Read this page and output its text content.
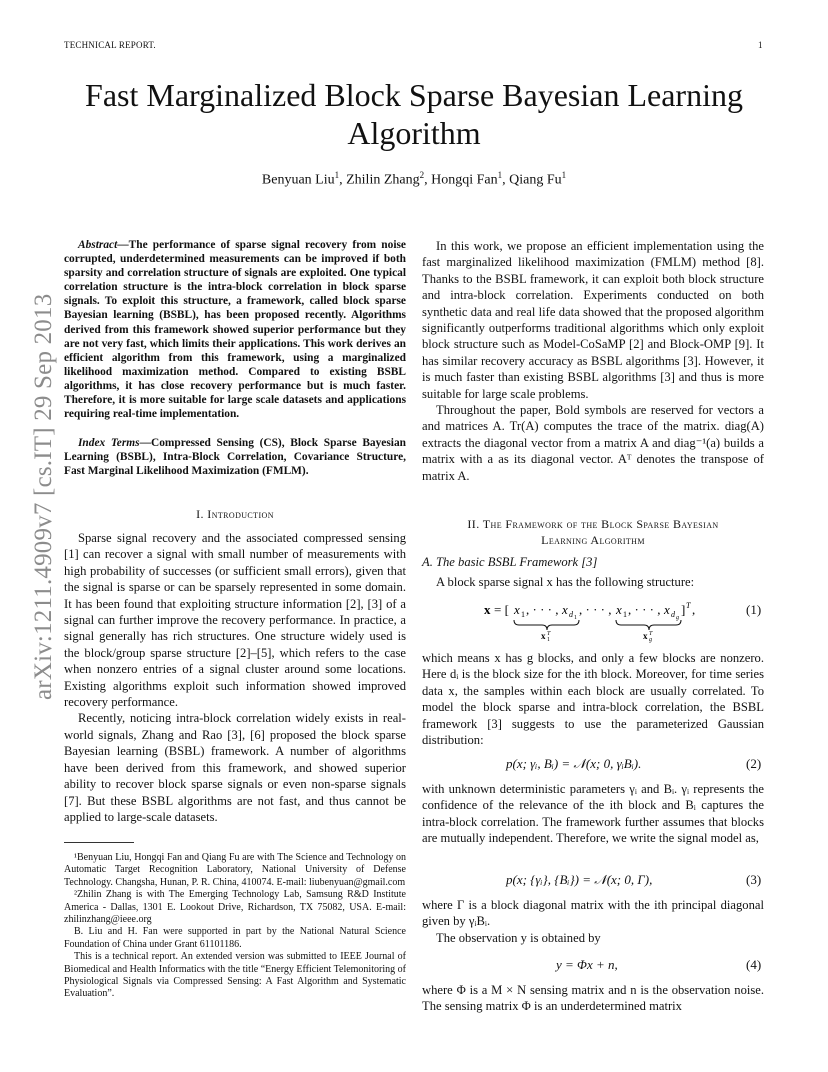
TECHNICAL REPORT.	1
arXiv:1211.4909v7 [cs.IT] 29 Sep 2013
Fast Marginalized Block Sparse Bayesian Learning
Algorithm
Benyuan Liu$^1$, Zhilin Zhang$^2$, Hongqi Fan$^1$, Qiang Fu$^1$
Abstract—The performance of sparse signal recovery from noise corrupted, underdetermined measurements can be improved if both sparsity and correlation structure of signals are exploited. One typical correlation structure is the intra-block correlation in block sparse signals. To exploit this structure, a framework, called block sparse Bayesian learning (BSBL), has been proposed recently. Algorithms derived from this framework showed superior performance but they are not very fast, which limits their applications. This work derives an efficient algorithm from this framework, using a marginalized likelihood maximization method. Compared to existing BSBL algorithms, it has close recovery performance but is much faster. Therefore, it is more suitable for large scale datasets and applications requiring real-time implementation.
Index Terms—Compressed Sensing (CS), Block Sparse Bayesian Learning (BSBL), Intra-Block Correlation, Covariance Structure, Fast Marginal Likelihood Maximization (FMLM).
I. Introduction

Sparse signal recovery and the associated compressed sensing [1] can recover a signal with small number of measurements with high probability of successes (or sufficient small errors), given that the signal is sparse or can be sparsely represented in some domain. It has been found that exploiting structure information [2], [3] of a signal can further improve the recovery performance. In practice, a signal generally has rich structures. One structure widely used is the block/group sparse structure [2]–[5], which refers to the case when nonzero entries of a signal cluster around some locations. Existing algorithms exploit such information showed improved recovery performance.

Recently, noticing intra-block correlation widely exists in real-world signals, Zhang and Rao [3], [6] proposed the block sparse Bayesian learning (BSBL) framework. A number of algorithms have been derived from this framework, and showed superior ability to recover block sparse signals or even non-sparse signals [7]. But these BSBL algorithms are not fast, and thus cannot be applied to large-scale datasets.

¹Benyuan Liu, Hongqi Fan and Qiang Fu are with The Science and Technology on Automatic Target Recognition Laboratory, National University of Defense Technology. Changsha, Hunan, P. R. China, 410074. E-mail: liubenyuan@gmail.com

²Zhilin Zhang is with The Emerging Technology Lab, Samsung R&D Institute America - Dallas, 1301 E. Lookout Drive, Richardson, TX 75082, USA. E-mail: zhilinzhang@ieee.org

B. Liu and H. Fan were supported in part by the National Natural Science Foundation of China under Grant 61101186.

This is a technical report. An extended version was submitted to IEEE Journal of Biomedical and Health Informatics with the title “Energy Efficient Telemonitoring of Physiological Signals via Compressed Sensing: A Fast Algorithm and Systematic Evaluation”.

In this work, we propose an efficient implementation using the fast marginalized likelihood maximization (FMLM) method [8]. Thanks to the BSBL framework, it can exploit both block structure and intra-block correlation. Experiments conducted on both synthetic data and real life data showed that the proposed algorithm significantly outperforms traditional algorithms which only exploit block structure such as Model-CoSaMP [2] and Block-OMP [9]. It has similar recovery accuracy as BSBL algorithms [3]. However, it is much faster than existing BSBL algorithms [3] and thus is more suitable for large scale problems.

Throughout the paper, Bold symbols are reserved for vectors a and matrices A. Tr(A) computes the trace of the matrix. diag(A) extracts the diagonal vector from a matrix A and diag⁻¹(a) builds a matrix with a as its diagonal vector. Aᵀ denotes the transpose of matrix A.

II. The Framework of the Block Sparse Bayesian
Learning Algorithm
A. The basic BSBL Framework [3]

A block sparse signal x has the following structure:

x = [ x 1 , · · · , x d 1
, · · · , x 1 , · · · , x d g
] T ,
x 1
T	x g
T
(1)

which means x has g blocks, and only a few blocks are nonzero. Here dᵢ is the block size for the ith block. Moreover, for time series data x, the samples within each block are usually correlated. To model the block sparse and intra-block correlation, the BSBL framework [3] suggests to use the parameterized Gaussian distribution:

p(x; γᵢ, Bᵢ) = 𝒩(x; 0, γᵢBᵢ).	(2)

with unknown deterministic parameters γᵢ and Bᵢ. γᵢ represents the confidence of the relevance of the ith block and Bᵢ captures the intra-block correlation. The framework further assumes that blocks are mutually independent. Therefore, we write the signal model as,

p(x; {γᵢ}, {Bᵢ}) = 𝒩(x; 0, Γ),	(3)

where Γ is a block diagonal matrix with the ith principal diagonal given by γᵢBᵢ.

The observation y is obtained by

y = Φx + n,	(4)

where Φ is a M × N sensing matrix and n is the observation noise. The sensing matrix Φ is an underdetermined matrix
